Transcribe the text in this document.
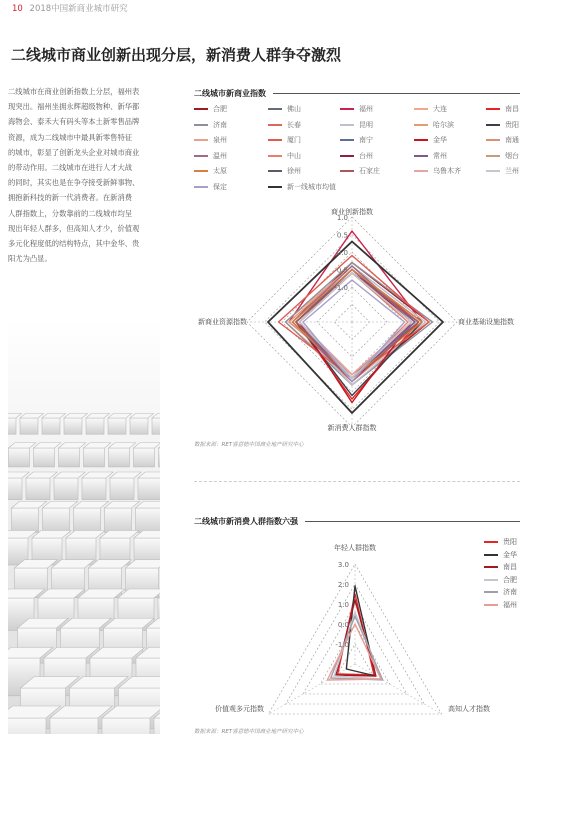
10 2018中国新商业城市研究
二线城市商业创新出现分层，新消费人群争夺激烈
二线城市在商业创新指数上分层，福州表
现突出。福州坐拥永辉超级物种、新华都
海物会、泰禾大有码头等本土新零售品牌
资源，成为二线城市中最具新零售特征
的城市，彰显了创新龙头企业对城市商业
的带动作用。二线城市在进行人才大战
的同时，其实也是在争夺接受新鲜事物、
拥抱新科技的新一代消费者。在新消费
人群指数上，分数靠前的二线城市均呈
现出年轻人群多，但高知人才少，价值观
多元化程度低的结构特点，其中金华、贵
阳尤为凸显。
二线城市新商业指数
合肥	佛山	福州	大连	南昌
济南	长春	昆明	哈尔滨	贵阳
泉州	厦门	南宁	金华	南通
温州	中山	台州	常州	烟台
太原	徐州	石家庄	乌鲁木齐	兰州
保定	新一线城市均值
1.0
0.5
0.0
-0.5
-1.0
商业创新指数
商业基础设施指数
新消费人群指数
新商业资源指数
数据来源：RET睿意德中国商业地产研究中心
二线城市新消费人群指数六强
贵阳
金华
南昌
合肥
济南
福州
3.0
2.0
1.0
0.0
-1.0
年轻人群指数
高知人才指数
价值观多元指数
数据来源：RET睿意德中国商业地产研究中心
